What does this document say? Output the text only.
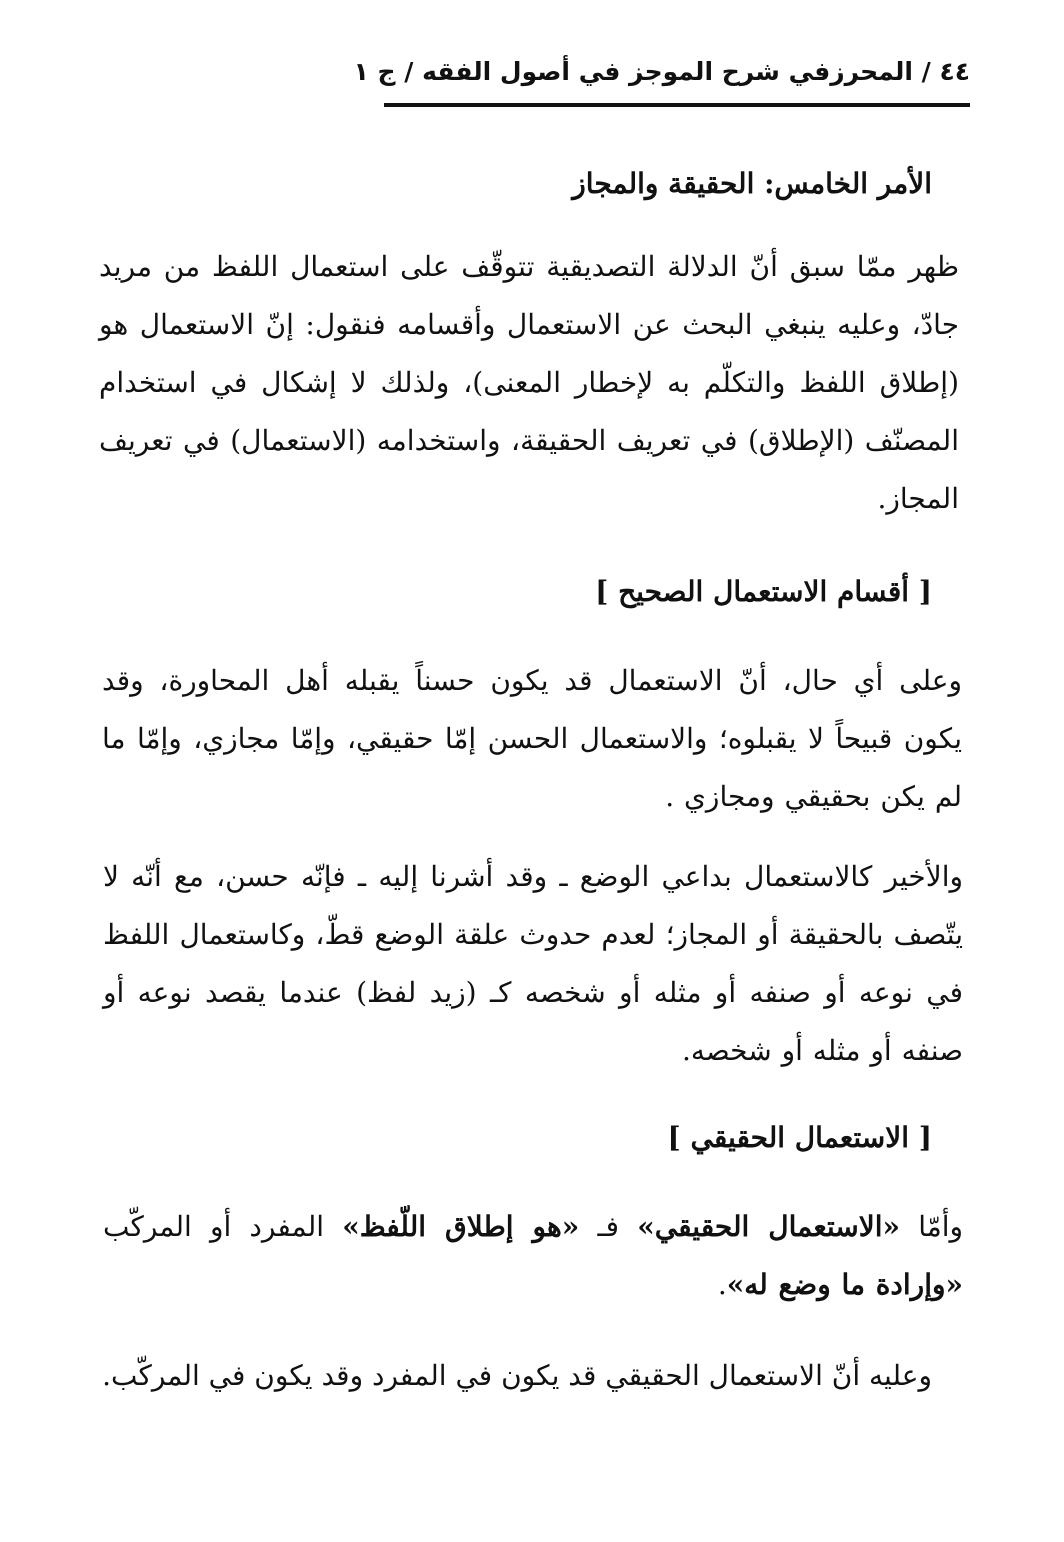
٤٤ / المحرزفي شرح الموجز في أصول الفقه / ج ١
الأمر الخامس: الحقيقة والمجاز
ظهر ممّا سبق أنّ الدلالة التصديقية تتوقّف على استعمال اللفظ من مريد جادّ، وعليه ينبغي البحث عن الاستعمال وأقسامه فنقول: إنّ الاستعمال هو (إطلاق اللفظ والتكلّم به لإخطار المعنى)، ولذلك لا إشكال في استخدام المصنّف (الإطلاق) في تعريف الحقيقة، واستخدامه (الاستعمال) في تعريف المجاز.
[ أقسام الاستعمال الصحيح ]
وعلى أي حال، أنّ الاستعمال قد يكون حسناً يقبله أهل المحاورة، وقد يكون قبيحاً لا يقبلوه؛ والاستعمال الحسن إمّا حقيقي، وإمّا مجازي، وإمّا ما لم يكن بحقيقي ومجازي .
والأخير كالاستعمال بداعي الوضع ـ وقد أشرنا إليه ـ فإنّه حسن، مع أنّه لا يتّصف بالحقيقة أو المجاز؛ لعدم حدوث علقة الوضع قطّ، وكاستعمال اللفظ في نوعه أو صنفه أو مثله أو شخصه كـ (زيد لفظ) عندما يقصد نوعه أو صنفه أو مثله أو شخصه.
[ الاستعمال الحقيقي ]
وأمّا «الاستعمال الحقيقي» فـ «هو إطلاق اللّفظ» المفرد أو المركّب «وإرادة ما وضع له».
وعليه أنّ الاستعمال الحقيقي قد يكون في المفرد وقد يكون في المركّب.
